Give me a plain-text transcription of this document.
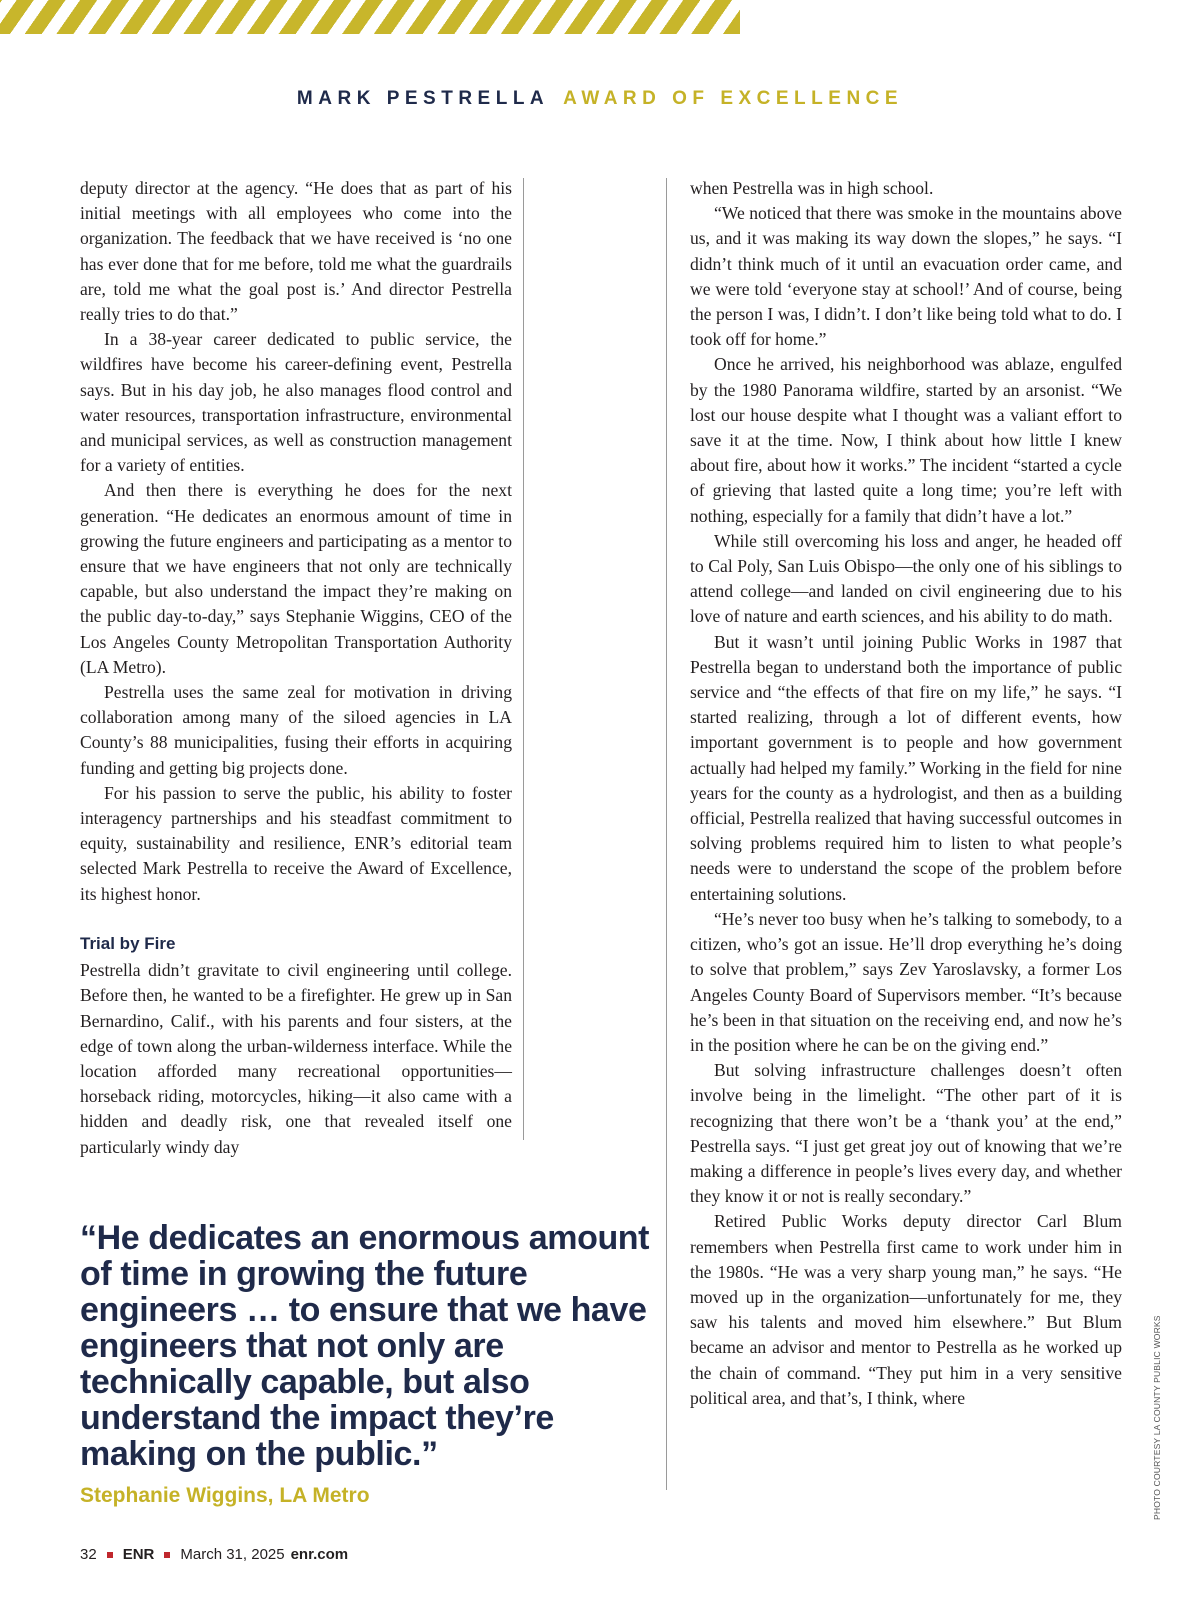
MARK PESTRELLA AWARD OF EXCELLENCE

deputy director at the agency. “He does that as part of his initial meetings with all employees who come into the organization. The feedback that we have received is ‘no one has ever done that for me before, told me what the guardrails are, told me what the goal post is.’ And director Pestrella really tries to do that.”

In a 38-year career dedicated to public service, the wildfires have become his career-defining event, Pestrella says. But in his day job, he also manages flood control and water resources, transportation infrastructure, environmental and municipal services, as well as construction management for a variety of entities.

And then there is everything he does for the next generation. “He dedicates an enormous amount of time in growing the future engineers and participating as a mentor to ensure that we have engineers that not only are technically capable, but also understand the impact they’re making on the public day-to-day,” says Stephanie Wiggins, CEO of the Los Angeles County Metropolitan Transportation Authority (LA Metro).

Pestrella uses the same zeal for motivation in driving collaboration among many of the siloed agencies in LA County’s 88 municipalities, fusing their efforts in acquiring funding and getting big projects done.

For his passion to serve the public, his ability to foster interagency partnerships and his steadfast commitment to equity, sustainability and resilience, ENR’s editorial team selected Mark Pestrella to receive the Award of Excellence, its highest honor.

Trial by Fire

Pestrella didn’t gravitate to civil engineering until college. Before then, he wanted to be a firefighter. He grew up in San Bernardino, Calif., with his parents and four sisters, at the edge of town along the urban-wilderness interface. While the location afforded many recreational opportunities—horseback riding, motorcycles, hiking—it also came with a hidden and deadly risk, one that revealed itself one particularly windy day

when Pestrella was in high school.

“We noticed that there was smoke in the mountains above us, and it was making its way down the slopes,” he says. “I didn’t think much of it until an evacuation order came, and we were told ‘everyone stay at school!’ And of course, being the person I was, I didn’t. I don’t like being told what to do. I took off for home.”

Once he arrived, his neighborhood was ablaze, engulfed by the 1980 Panorama wildfire, started by an arsonist. “We lost our house despite what I thought was a valiant effort to save it at the time. Now, I think about how little I knew about fire, about how it works.” The incident “started a cycle of grieving that lasted quite a long time; you’re left with nothing, especially for a family that didn’t have a lot.”

While still overcoming his loss and anger, he headed off to Cal Poly, San Luis Obispo—the only one of his siblings to attend college—and landed on civil engineering due to his love of nature and earth sciences, and his ability to do math.

But it wasn’t until joining Public Works in 1987 that Pestrella began to understand both the importance of public service and “the effects of that fire on my life,” he says. “I started realizing, through a lot of different events, how important government is to people and how government actually had helped my family.” Working in the field for nine years for the county as a hydrologist, and then as a building official, Pestrella realized that having successful outcomes in solving problems required him to listen to what people’s needs were to understand the scope of the problem before entertaining solutions.

“He’s never too busy when he’s talking to somebody, to a citizen, who’s got an issue. He’ll drop everything he’s doing to solve that problem,” says Zev Yaroslavsky, a former Los Angeles County Board of Supervisors member. “It’s because he’s been in that situation on the receiving end, and now he’s in the position where he can be on the giving end.”

But solving infrastructure challenges doesn’t often involve being in the limelight. “The other part of it is recognizing that there won’t be a ‘thank you’ at the end,” Pestrella says. “I just get great joy out of knowing that we’re making a difference in people’s lives every day, and whether they know it or not is really secondary.”

Retired Public Works deputy director Carl Blum remembers when Pestrella first came to work under him in the 1980s. “He was a very sharp young man,” he says. “He moved up in the organization—unfortunately for me, they saw his talents and moved him elsewhere.” But Blum became an advisor and mentor to Pestrella as he worked up the chain of command. “They put him in a very sensitive political area, and that’s, I think, where

“He dedicates an enormous amount of time in growing the future engineers … to ensure that we have engineers that not only are technically capable, but also understand the impact they’re making on the public.”
Stephanie Wiggins, LA Metro
32 ENR March 31, 2025 enr.com
PHOTO COURTESY LA COUNTY PUBLIC WORKS
